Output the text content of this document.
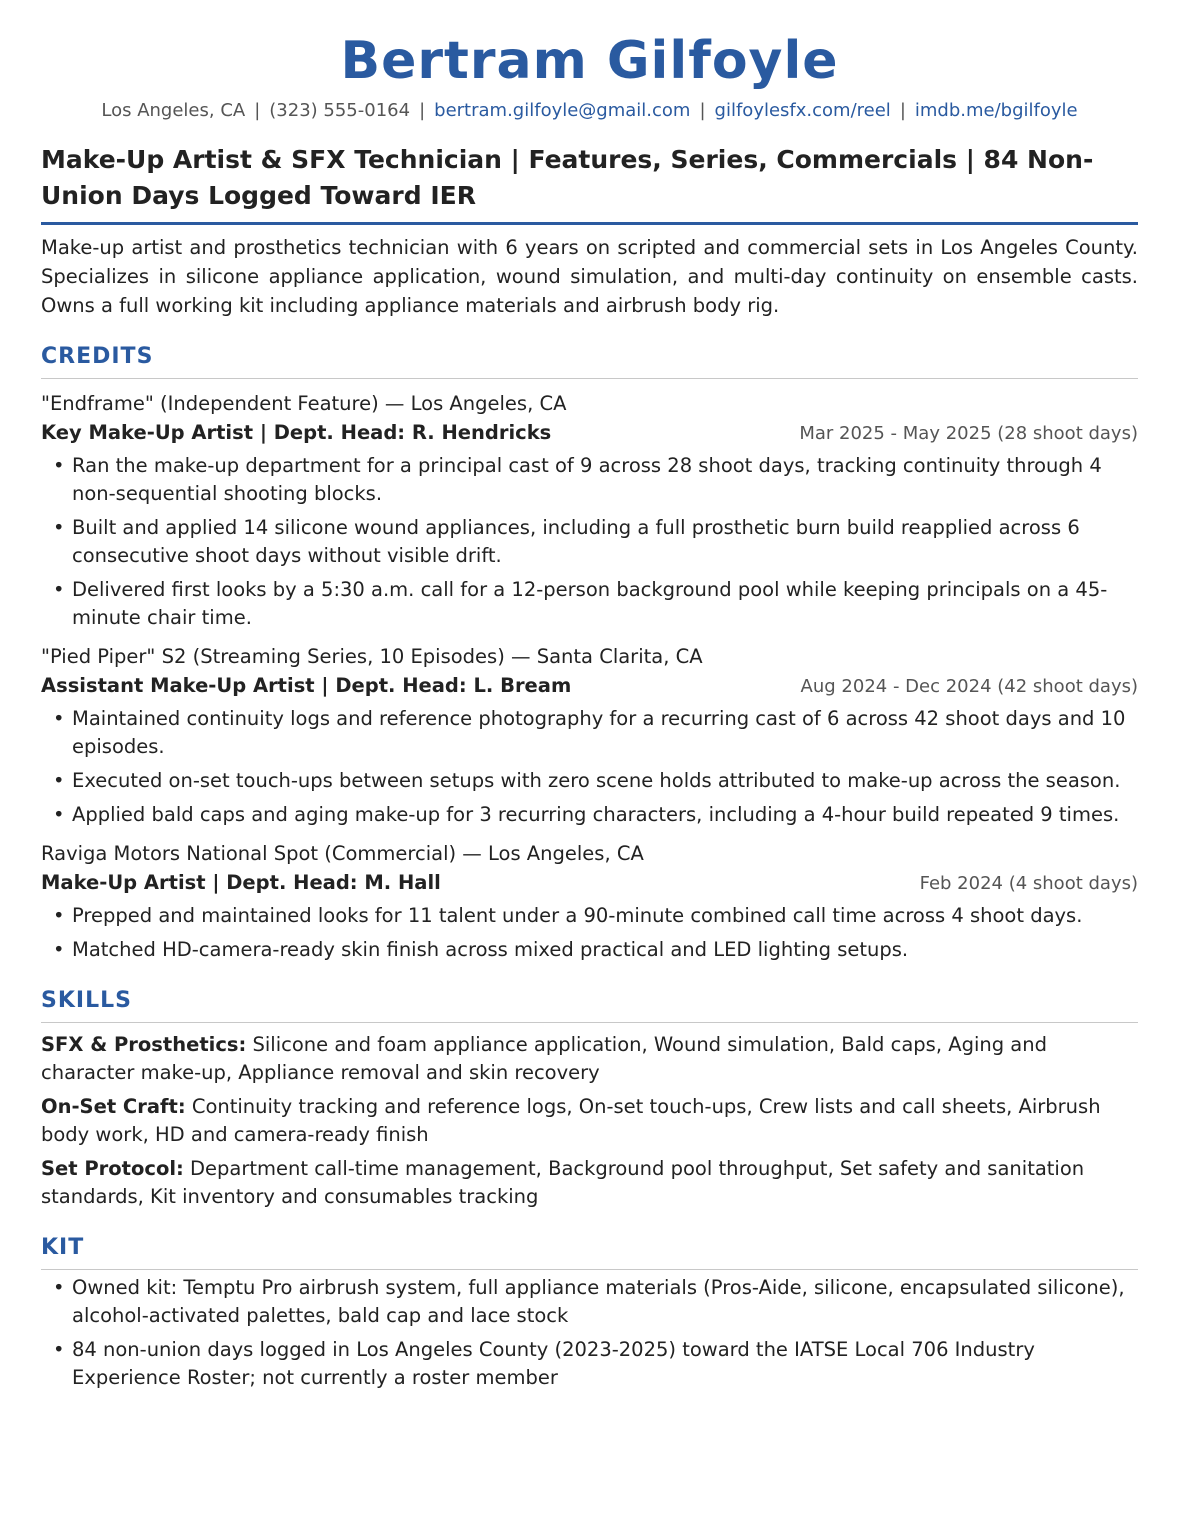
Bertram Gilfoyle
Los Angeles, CA | (323) 555-0164 | bertram.gilfoyle@gmail.com | gilfoylesfx.com/reel | imdb.me/bgilfoyle
Make-Up Artist & SFX Technician | Features, Series, Commercials | 84 Non-Union Days Logged Toward IER
Make-up artist and prosthetics technician with 6 years on scripted and commercial sets in Los Angeles County. Specializes in silicone appliance application, wound simulation, and multi-day continuity on ensemble casts. Owns a full working kit including appliance materials and airbrush body rig.
CREDITS
"Endframe" (Independent Feature) — Los Angeles, CA
Key Make-Up Artist | Dept. Head: R. Hendricks	Mar 2025 - May 2025 (28 shoot days)
• Ran the make-up department for a principal cast of 9 across 28 shoot days, tracking continuity through 4 non-sequential shooting blocks.
• Built and applied 14 silicone wound appliances, including a full prosthetic burn build reapplied across 6 consecutive shoot days without visible drift.
• Delivered first looks by a 5:30 a.m. call for a 12-person background pool while keeping principals on a 45-minute chair time.
"Pied Piper" S2 (Streaming Series, 10 Episodes) — Santa Clarita, CA
Assistant Make-Up Artist | Dept. Head: L. Bream	Aug 2024 - Dec 2024 (42 shoot days)
• Maintained continuity logs and reference photography for a recurring cast of 6 across 42 shoot days and 10 episodes.
• Executed on-set touch-ups between setups with zero scene holds attributed to make-up across the season.
• Applied bald caps and aging make-up for 3 recurring characters, including a 4-hour build repeated 9 times.
Raviga Motors National Spot (Commercial) — Los Angeles, CA
Make-Up Artist | Dept. Head: M. Hall	Feb 2024 (4 shoot days)
• Prepped and maintained looks for 11 talent under a 90-minute combined call time across 4 shoot days.
• Matched HD-camera-ready skin finish across mixed practical and LED lighting setups.
SKILLS
SFX & Prosthetics: Silicone and foam appliance application, Wound simulation, Bald caps, Aging and character make-up, Appliance removal and skin recovery
On-Set Craft: Continuity tracking and reference logs, On-set touch-ups, Crew lists and call sheets, Airbrush body work, HD and camera-ready finish
Set Protocol: Department call-time management, Background pool throughput, Set safety and sanitation standards, Kit inventory and consumables tracking
KIT
• Owned kit: Temptu Pro airbrush system, full appliance materials (Pros-Aide, silicone, encapsulated silicone), alcohol-activated palettes, bald cap and lace stock
• 84 non-union days logged in Los Angeles County (2023-2025) toward the IATSE Local 706 Industry Experience Roster; not currently a roster member
